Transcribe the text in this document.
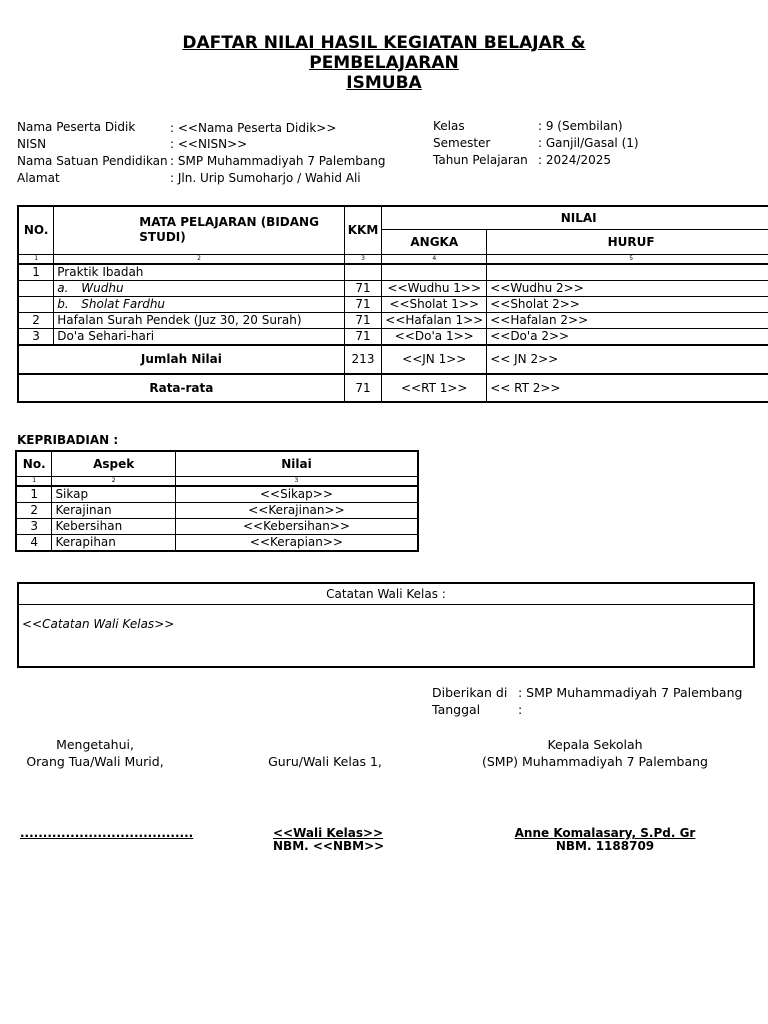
DAFTAR NILAI HASIL KEGIATAN BELAJAR &
PEMBELAJARAN
ISMUBA
Nama Peserta Didik	: <<Nama Peserta Didik>>
NISN	: <<NISN>>
Nama Satuan Pendidikan	: SMP Muhammadiyah 7 Palembang
Alamat	: Jln. Urip Sumoharjo / Wahid Ali
Kelas	: 9 (Sembilan)
Semester	: Ganjil/Gasal (1)
Tahun Pelajaran	: 2024/2025
NO.	MATA PELAJARAN (BIDANG STUDI)	KKM	NILAI	
			ANGKA	HURUF
1	2	3	4	5
1	Praktik Ibadah			
	a. Wudhu	71	<<Wudhu 1>>	<<Wudhu 2>>
	b. Sholat Fardhu	71	<<Sholat 1>>	<<Sholat 2>>
2	Hafalan Surah Pendek (Juz 30, 20 Surah)	71	<<Hafalan 1>>	<<Hafalan 2>>
3	Do'a Sehari-hari	71	<<Do'a 1>>	<<Do'a 2>>
Jumlah Nilai		213	<<JN 1>>	<< JN 2>>
Rata-rata		71	<<RT 1>>	<< RT 2>>
KEPRIBADIAN :
No.	Aspek	Nilai
1	2	3
1	Sikap	<<Sikap>>
2	Kerajinan	<<Kerajinan>>
3	Kebersihan	<<Kebersihan>>
4	Kerapihan	<<Kerapian>>
Catatan Wali Kelas :
<<Catatan Wali Kelas>>
Diberikan di : SMP Muhammadiyah 7 Palembang
Tanggal	:
Mengetahui,
Orang Tua/Wali Murid,	Guru/Wali Kelas 1,
Kepala Sekolah
(SMP) Muhammadiyah 7 Palembang
......................................	<<Wali Kelas>>
NBM. <<NBM>>
Anne Komalasary, S.Pd. Gr
NBM. 1188709
